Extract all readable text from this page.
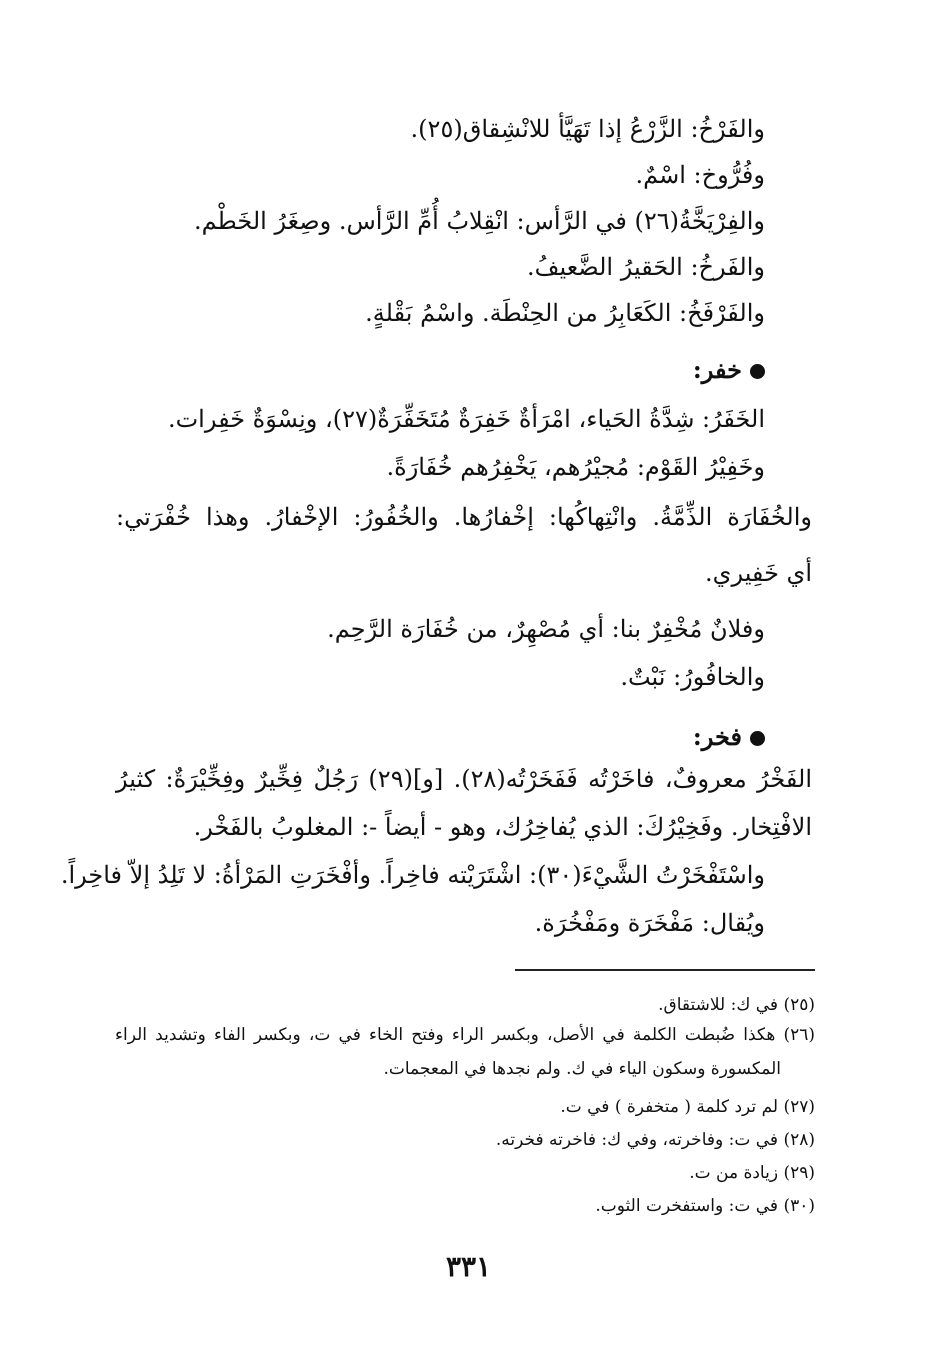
والفَرْخُ: الزَّرْعُ إذا تَهَيَّأ للانْشِقاق(٢٥).
وفُرُّوخ: اسْمٌ.
والفِرْيَخَّةُ(٢٦) في الرَّأس: انْقِلابُ أُمِّ الرَّأس. وصِغَرُ الخَطْم.
والفَرخُ: الحَقيرُ الضَّعيفُ.
والفَرْفَخُ: الكَعَابِرُ من الحِنْطَة. واسْمُ بَقْلةٍ.
خفر:
الخَفَرُ: شِدَّةُ الحَياء، امْرَأةٌ خَفِرَةٌ مُتَخَفِّرَةٌ(٢٧)، ونِسْوَةٌ خَفِرات.
وخَفِيْرُ القَوْم: مُجيْرُهم، يَخْفِرُهم خُفَارَةً.
والخُفَارَة الذِّمَّةُ. وانْتِهاكُها: إخْفارُها. والخُفُورُ: الإخْفارُ. وهذا خُفْرَتي:
أي خَفِيري.
وفلانٌ مُخْفِرٌ بنا: أي مُصْهِرٌ، من خُفَارَة الرَّحِم.
والخافُورُ: نَبْتٌ.
فخر:
الفَخْرُ معروفٌ، فاخَرْتُه فَفَخَرْتُه(٢٨). [و](٢٩) رَجُلٌ فِخِّيرٌ وفِخِّيْرَةٌ: كثيرُ
الافْتِخار. وفَخِيْرُكَ: الذي يُفاخِرُك، وهو - أيضاً -: المغلوبُ بالفَخْر.
واسْتَفْخَرْتُ الشَّيْءَ(٣٠): اشْتَرَيْته فاخِراً. وأفْخَرَتِ المَرْأةُ: لا تَلِدُ إلاّ فاخِراً.
ويُقال: مَفْخَرَة ومَفْخُرَة.
(٢٥) في ك: للاشتقاق.
(٢٦) هكذا ضُبطت الكلمة في الأصل، وبكسر الراء وفتح الخاء في ت، وبكسر الفاء وتشديد الراء
المكسورة وسكون الياء في ك. ولم نجدها في المعجمات.
(٢٧) لم ترد كلمة ( متخفرة ) في ت.
(٢٨) في ت: وفاخرته، وفي ك: فاخرته فخرته.
(٢٩) زيادة من ت.
(٣٠) في ت: واستفخرت الثوب.
٣٣١
